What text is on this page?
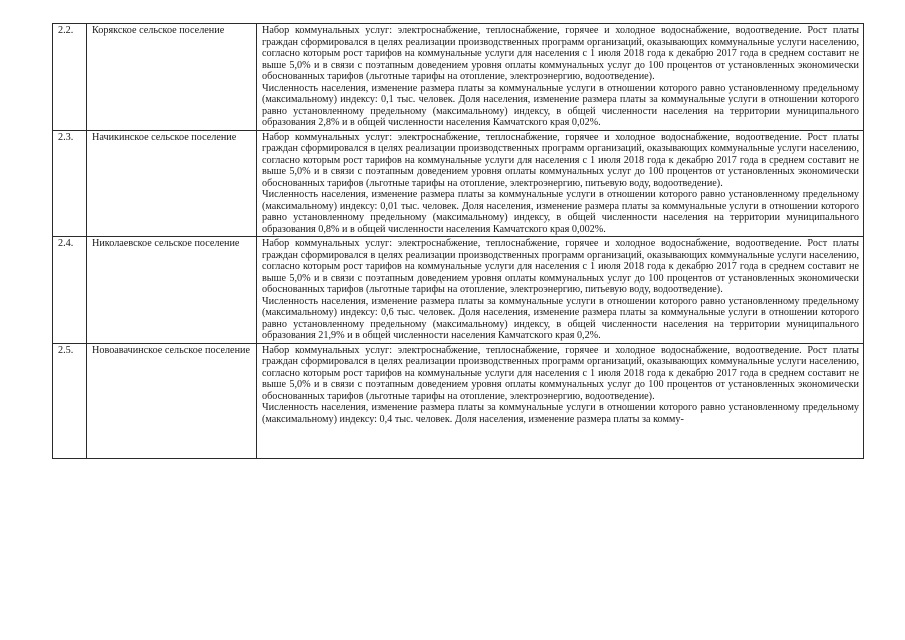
2.2.	Корякское сельское поселение	Набор коммунальных услуг: электроснабжение, теплоснабжение, горячее и холодное водоснабжение, водоотведение. Рост платы граждан сформировался в целях реализации производственных программ организаций, оказывающих коммунальные услуги населению, согласно которым рост тарифов на коммунальные услуги для населения с 1 июля 2018 года к декабрю 2017 года в среднем составит не выше 5,0% и в связи с поэтапным доведением уровня оплаты коммунальных услуг до 100 процентов от установленных экономически обоснованных тарифов (льготные тарифы на отопление, электроэнергию, водоотведение).
Численность населения, изменение размера платы за коммунальные услуги в отношении которого равно установленному предельному (максимальному) индексу: 0,1 тыс. человек. Доля населения, изменение размера платы за коммунальные услуги в отношении которого равно установленному предельному (максимальному) индексу, в общей численности населения на территории муниципального образования 2,8% и в общей численности населения Камчатского края 0,02%.

2.3.	Начикинское сельское поселение	Набор коммунальных услуг: электроснабжение, теплоснабжение, горячее и холодное водоснабжение, водоотведение. Рост платы граждан сформировался в целях реализации производственных программ организаций, оказывающих коммунальные услуги населению, согласно которым рост тарифов на коммунальные услуги для населения с 1 июля 2018 года к декабрю 2017 года в среднем составит не выше 5,0% и в связи с поэтапным доведением уровня оплаты коммунальных услуг до 100 процентов от установленных экономически обоснованных тарифов (льготные тарифы на отопление, электроэнергию, питьевую воду, водоотведение).
Численность населения, изменение размера платы за коммунальные услуги в отношении которого равно установленному предельному (максимальному) индексу: 0,01 тыс. человек. Доля населения, изменение размера платы за коммунальные услуги в отношении которого равно установленному предельному (максимальному) индексу, в общей численности населения на территории муниципального образования 0,8% и в общей численности населения Камчатского края 0,002%.

2.4.	Николаевское сельское поселение	Набор коммунальных услуг: электроснабжение, теплоснабжение, горячее и холодное водоснабжение, водоотведение. Рост платы граждан сформировался в целях реализации производственных программ организаций, оказывающих коммунальные услуги населению, согласно которым рост тарифов на коммунальные услуги для населения с 1 июля 2018 года к декабрю 2017 года в среднем составит не выше 5,0% и в связи с поэтапным доведением уровня оплаты коммунальных услуг до 100 процентов от установленных экономически обоснованных тарифов (льготные тарифы на отопление, электроэнергию, питьевую воду, водоотведение).
Численность населения, изменение размера платы за коммунальные услуги в отношении которого равно установленному предельному (максимальному) индексу: 0,6 тыс. человек. Доля населения, изменение размера платы за коммунальные услуги в отношении которого равно установленному предельному (максимальному) индексу, в общей численности населения на территории муниципального образования 21,9% и в общей численности населения Камчатского края 0,2%.

2.5.	Новоавачинское сельское поселение	Набор коммунальных услуг: электроснабжение, теплоснабжение, горячее и холодное водоснабжение, водоотведение. Рост платы граждан сформировался в целях реализации производственных программ организаций, оказывающих коммунальные услуги населению, согласно которым рост тарифов на коммунальные услуги для населения с 1 июля 2018 года к декабрю 2017 года в среднем составит не выше 5,0% и в связи с поэтапным доведением уровня оплаты коммунальных услуг до 100 процентов от установленных экономически обоснованных тарифов (льготные тарифы на отопление, электроэнергию, водоотведение).
Численность населения, изменение размера платы за коммунальные услуги в отношении которого равно установленному предельному (максимальному) индексу: 0,4 тыс. человек. Доля населения, изменение размера платы за комму-
